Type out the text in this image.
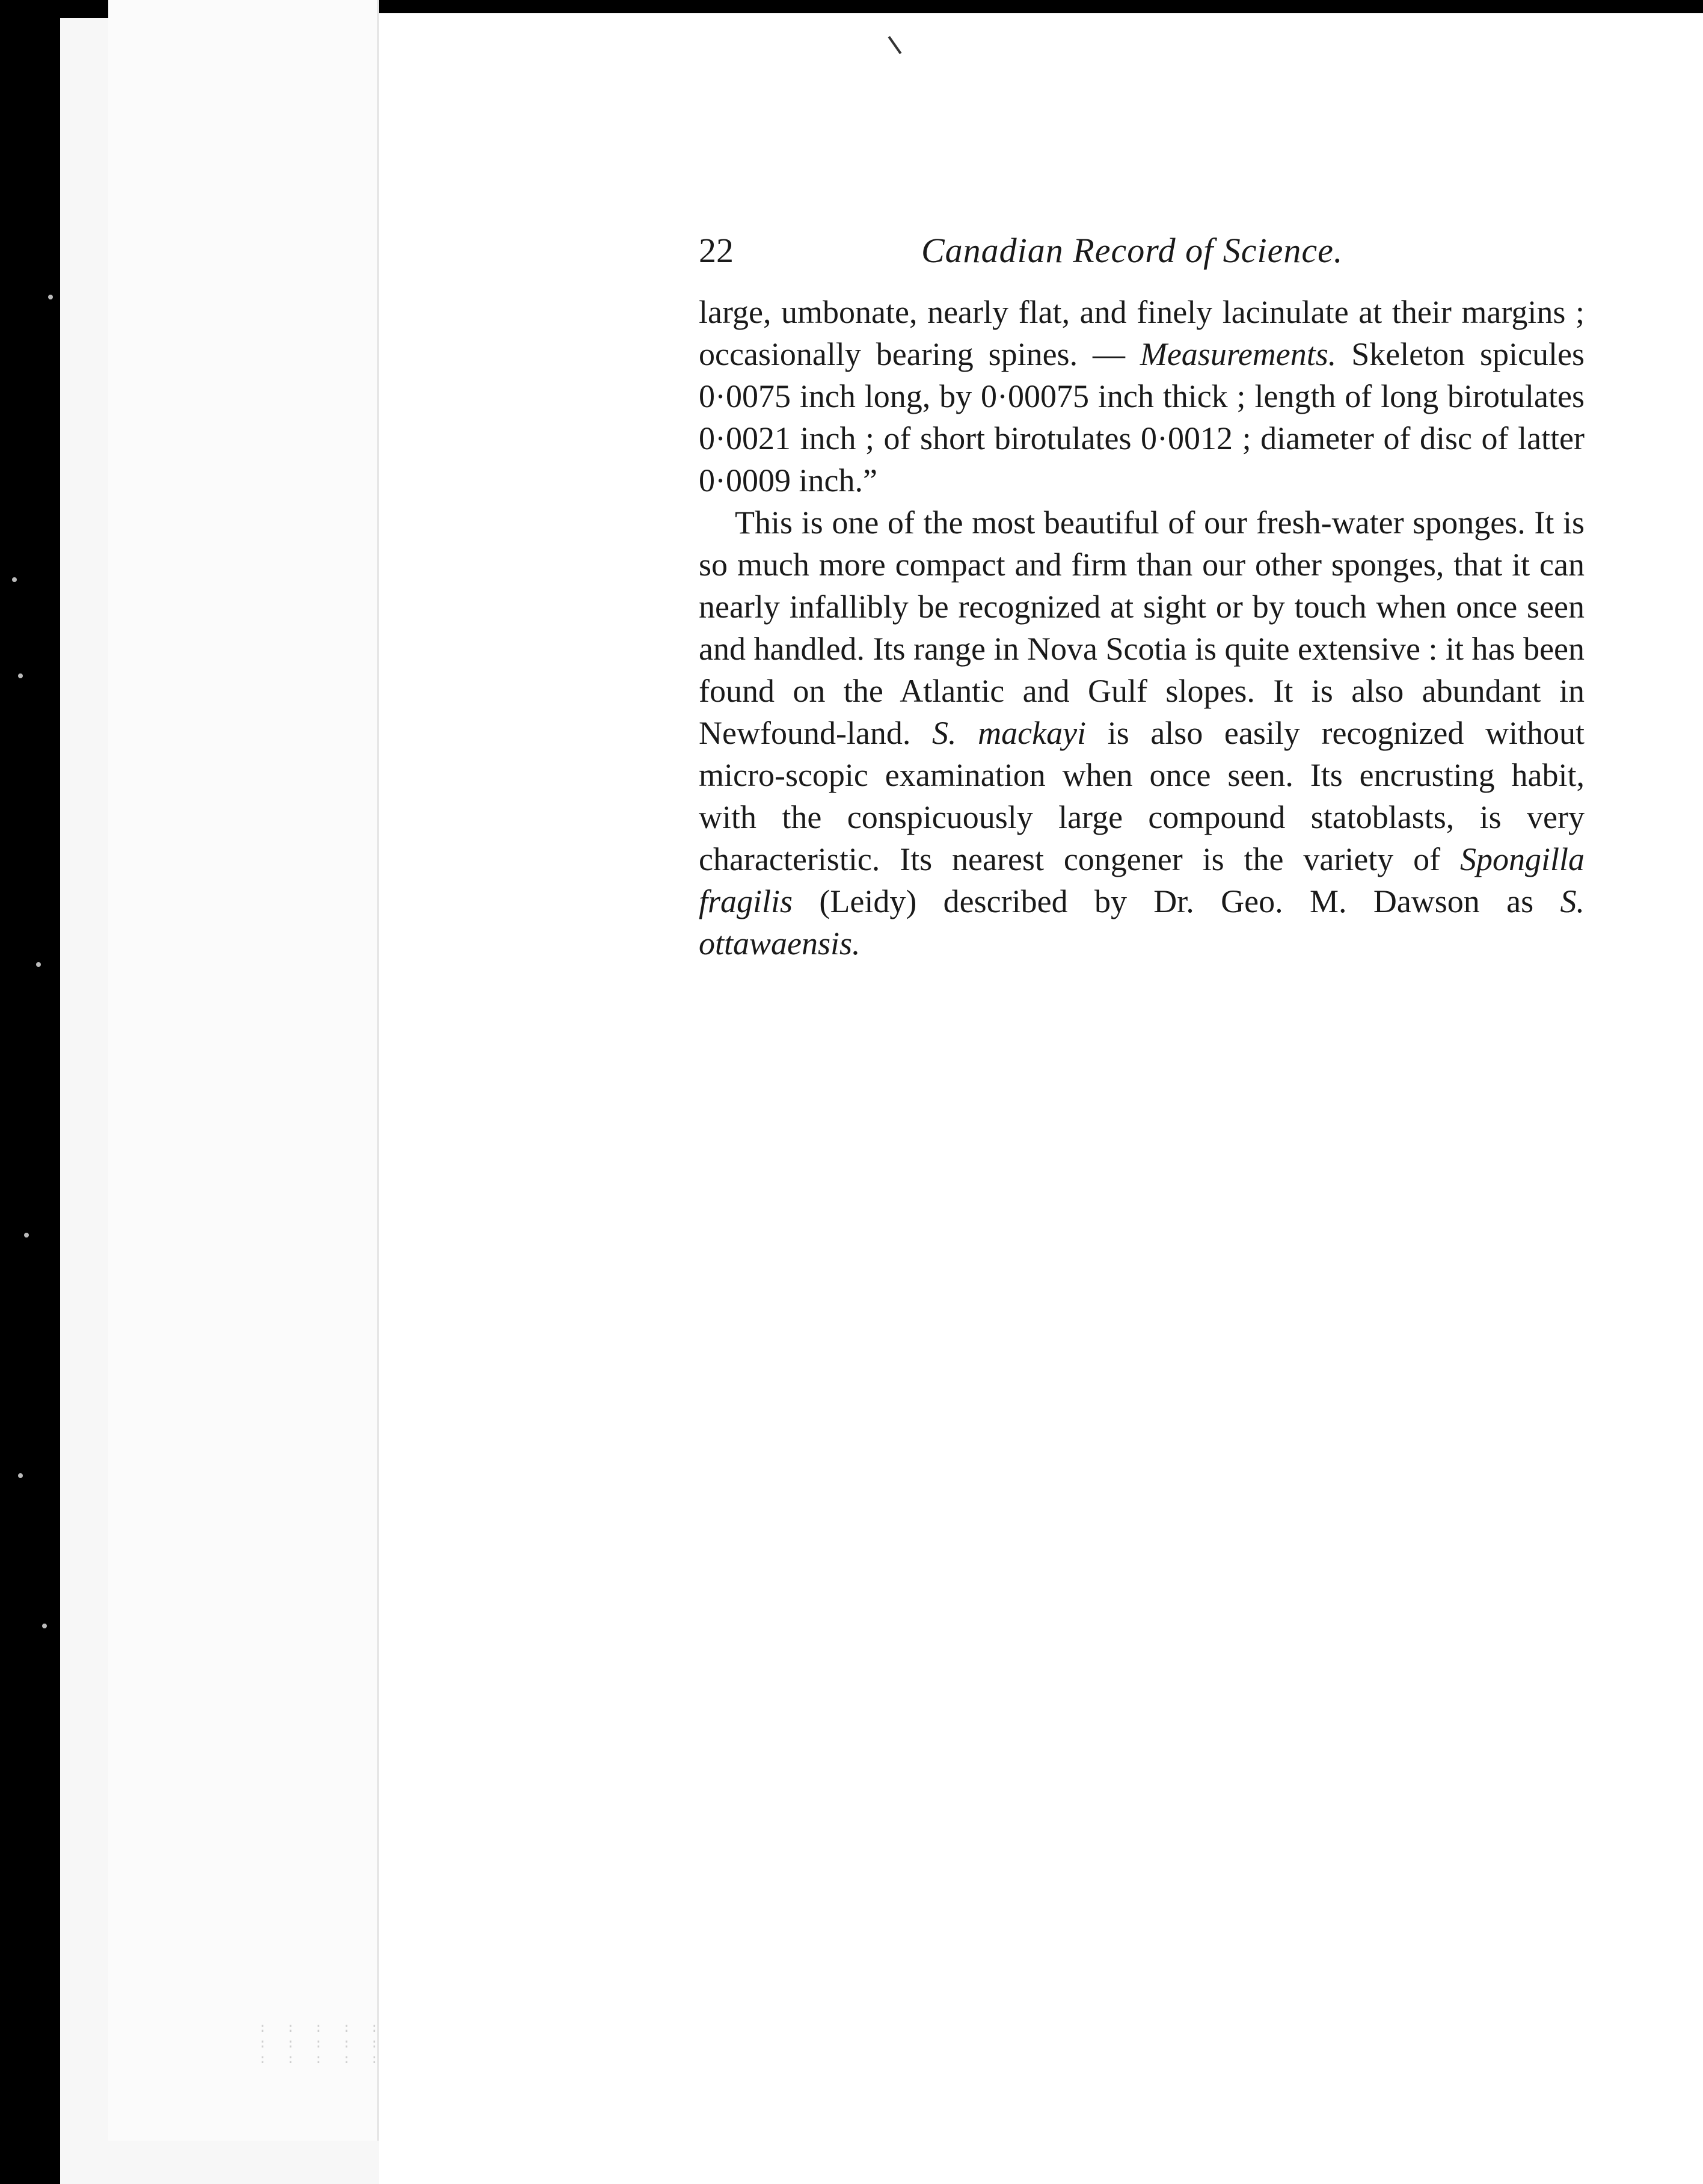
: : : : :
: : : : :
: : : : :
22	Canadian Record of Science.

large, umbonate, nearly flat, and finely lacinulate at their margins ; occasionally bearing spines. — Measurements. Skeleton spicules 0·0075 inch long, by 0·00075 inch thick ; length of long birotulates 0·0021 inch ; of short birotulates 0·0012 ; diameter of disc of latter 0·0009 inch.”

This is one of the most beautiful of our fresh-water sponges. It is so much more compact and firm than our other sponges, that it can nearly infallibly be recognized at sight or by touch when once seen and handled. Its range in Nova Scotia is quite extensive : it has been found on the Atlantic and Gulf slopes. It is also abundant in Newfound-land. S. mackayi is also easily recognized without micro-scopic examination when once seen. Its encrusting habit, with the conspicuously large compound statoblasts, is very characteristic. Its nearest congener is the variety of Spongilla fragilis (Leidy) described by Dr. Geo. M. Dawson as S. ottawaensis.
